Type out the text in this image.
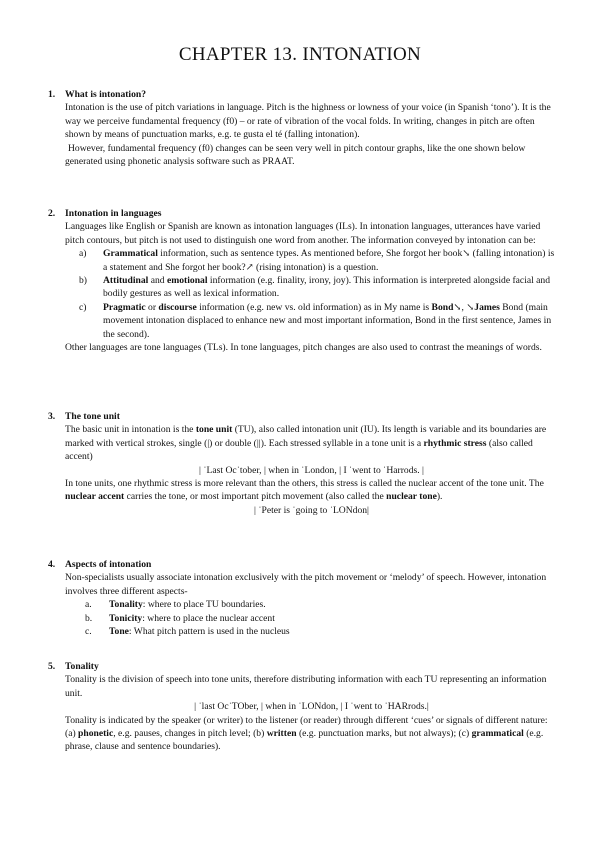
CHAPTER 13. INTONATION
1.	What is intonation?

Intonation is the use of pitch variations in language. Pitch is the highness or lowness of your voice (in Spanish ‘tono’). It is the way we perceive fundamental frequency (f0) – or rate of vibration of the vocal folds. In writing, changes in pitch are often shown by means of punctuation marks, e.g. te gusta el té (falling intonation).

However, fundamental frequency (f0) changes can be seen very well in pitch contour graphs, like the one shown below generated using phonetic analysis software such as PRAAT.

2.	Intonation in languages

Languages like English or Spanish are known as intonation languages (ILs). In intonation languages, utterances have varied pitch contours, but pitch is not used to distinguish one word from another. The information conveyed by intonation can be:

a)	Grammatical information, such as sentence types. As mentioned before, She forgot her book↘ (falling intonation) is a statement and She forgot her book?↗ (rising intonation) is a question.
b)	Attitudinal and emotional information (e.g. finality, irony, joy). This information is interpreted alongside facial and bodily gestures as well as lexical information.
c)	Pragmatic or discourse information (e.g. new vs. old information) as in My name is Bond↘, ↘James Bond (main movement intonation displaced to enhance new and most important information, Bond in the first sentence, James in the second).

Other languages are tone languages (TLs). In tone languages, pitch changes are also used to contrast the meanings of words.

3.	The tone unit

The basic unit in intonation is the tone unit (TU), also called intonation unit (IU). Its length is variable and its boundaries are marked with vertical strokes, single (|) or double (||). Each stressed syllable in a tone unit is a rhythmic stress (also called accent)

| ˈLast Ocˈtober, | when in ˈLondon, | I ˈwent to ˈHarrods. |

In tone units, one rhythmic stress is more relevant than the others, this stress is called the nuclear accent of the tone unit. The nuclear accent carries the tone, or most important pitch movement (also called the nuclear tone).

| ˈPeter is ˈgoing to ˈLONdon|

4.	Aspects of intonation

Non-specialists usually associate intonation exclusively with the pitch movement or ‘melody’ of speech. However, intonation involves three different aspects-

a.	Tonality: where to place TU boundaries.
b.	Tonicity: where to place the nuclear accent
c.	Tone: What pitch pattern is used in the nucleus
5.	Tonality

Tonality is the division of speech into tone units, therefore distributing information with each TU representing an information unit.

| ˈlast OcˈTOber, | when in ˈLONdon, | I ˈwent to ˈHARrods.|

Tonality is indicated by the speaker (or writer) to the listener (or reader) through different ‘cues’ or signals of different nature: (a) phonetic, e.g. pauses, changes in pitch level; (b) written (e.g. punctuation marks, but not always); (c) grammatical (e.g. phrase, clause and sentence boundaries).
